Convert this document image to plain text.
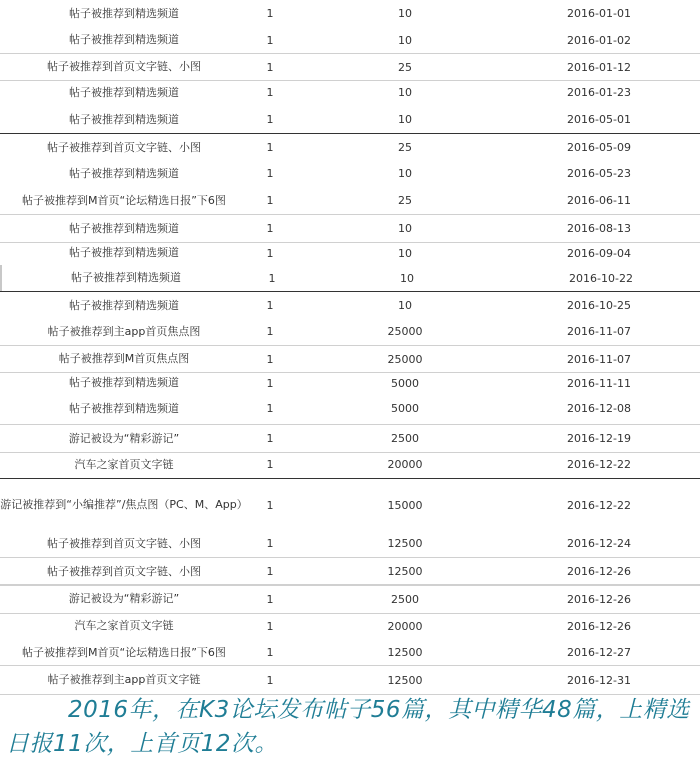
帖子被推荐到精选频道	1	10	2016-01-01
帖子被推荐到精选频道	1	10	2016-01-02
帖子被推荐到首页文字链、小图	1	25	2016-01-12
帖子被推荐到精选频道	1	10	2016-01-23
帖子被推荐到精选频道	1	10	2016-05-01
帖子被推荐到首页文字链、小图	1	25	2016-05-09
帖子被推荐到精选频道	1	10	2016-05-23
帖子被推荐到M首页“论坛精选日报”下6图	1	25	2016-06-11
帖子被推荐到精选频道	1	10	2016-08-13
帖子被推荐到精选频道	1	10	2016-09-04
帖子被推荐到精选频道	1	10	2016-10-22
帖子被推荐到精选频道	1	10	2016-10-25
帖子被推荐到主app首页焦点图	1	25000	2016-11-07
帖子被推荐到M首页焦点图	1	25000	2016-11-07
帖子被推荐到精选频道	1	5000	2016-11-11
帖子被推荐到精选频道	1	5000	2016-12-08
游记被设为“精彩游记”	1	2500	2016-12-19
汽车之家首页文字链	1	20000	2016-12-22
游记被推荐到“小编推荐”/焦点图（PC、M、App）	1	15000	2016-12-22
帖子被推荐到首页文字链、小图	1	12500	2016-12-24
帖子被推荐到首页文字链、小图	1	12500	2016-12-26
游记被设为“精彩游记”	1	2500	2016-12-26
汽车之家首页文字链	1	20000	2016-12-26
帖子被推荐到M首页“论坛精选日报”下6图	1	12500	2016-12-27
帖子被推荐到主app首页文字链	1	12500	2016-12-31
2016年，在K3论坛发布帖子56篇，其中精华48篇，上精选日报11次，上首页12次。
